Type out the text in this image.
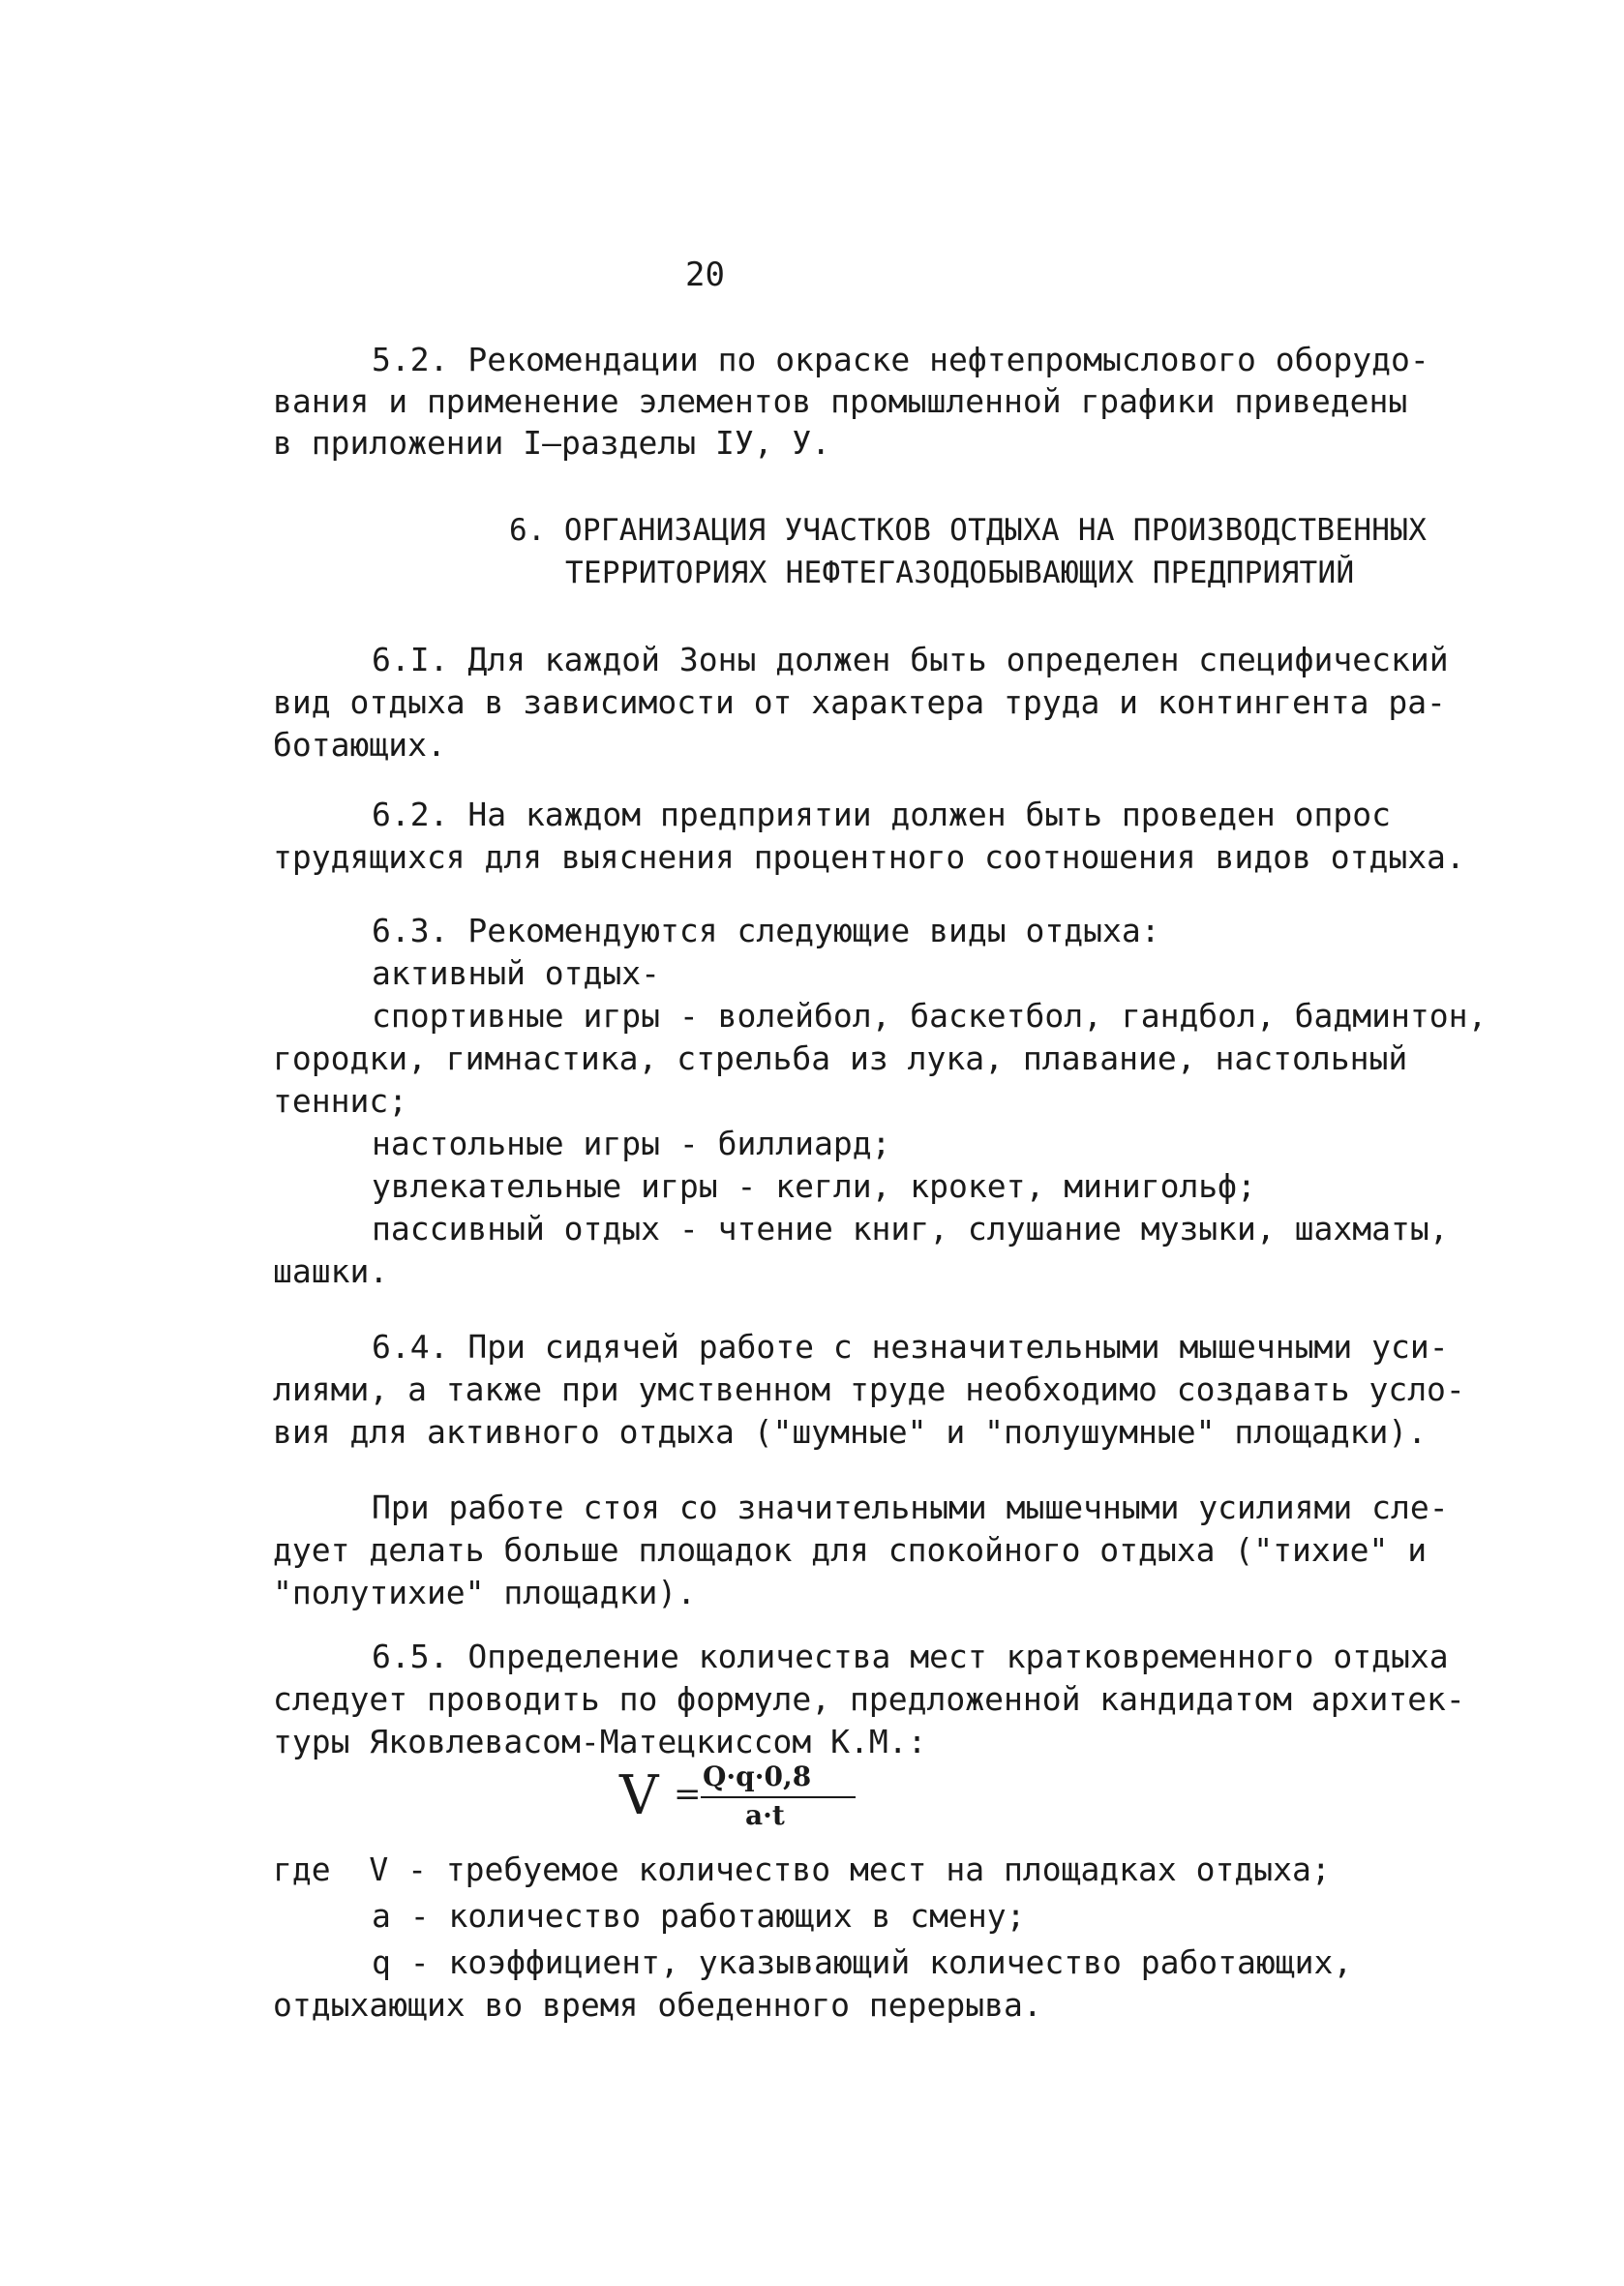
20
5.2. Рекомендации по окраске нефтепромыслового оборудо-
вания и применение элементов промышленной графики приведены
в приложении I—разделы IУ, У.
6. ОРГАНИЗАЦИЯ УЧАСТКОВ ОТДЫХА НА ПРОИЗВОДСТВЕННЫХ
ТЕРРИТОРИЯХ НЕФТЕГАЗОДОБЫВАЮЩИХ ПРЕДПРИЯТИЙ
6.I. Для каждой Зоны должен быть определен специфический
вид отдыха в зависимости от характера труда и контингента ра-
ботающих.
6.2. На каждом предприятии должен быть проведен опрос
трудящихся для выяснения процентного соотношения видов отдыха.
6.3. Рекомендуются следующие виды отдыха:
активный отдых-
спортивные игры - волейбол, баскетбол, гандбол, бадминтон,
городки, гимнастика, стрельба из лука, плавание, настольный
теннис;
настольные игры - биллиард;
увлекательные игры - кегли, крокет, минигольф;
пассивный отдых - чтение книг, слушание музыки, шахматы,
шашки.
6.4. При сидячей работе с незначительными мышечными уси-
лиями, а также при умственном труде необходимо создавать усло-
вия для активного отдыха ("шумные" и "полушумные" площадки).
При работе стоя со значительными мышечными усилиями сле-
дует делать больше площадок для спокойного отдыха ("тихие" и
"полутихие" площадки).
6.5. Определение количества мест кратковременного отдыха
следует проводить по формуле, предложенной кандидатом архитек-
туры Яковлевасом-Матецкиссом К.М.:
V = Q·q·0,8
a·t
где  V - требуемое количество мест на площадках отдыха;
a - количество работающих в смену;
q - коэффициент, указывающий количество работающих,
отдыхающих во время обеденного перерыва.
